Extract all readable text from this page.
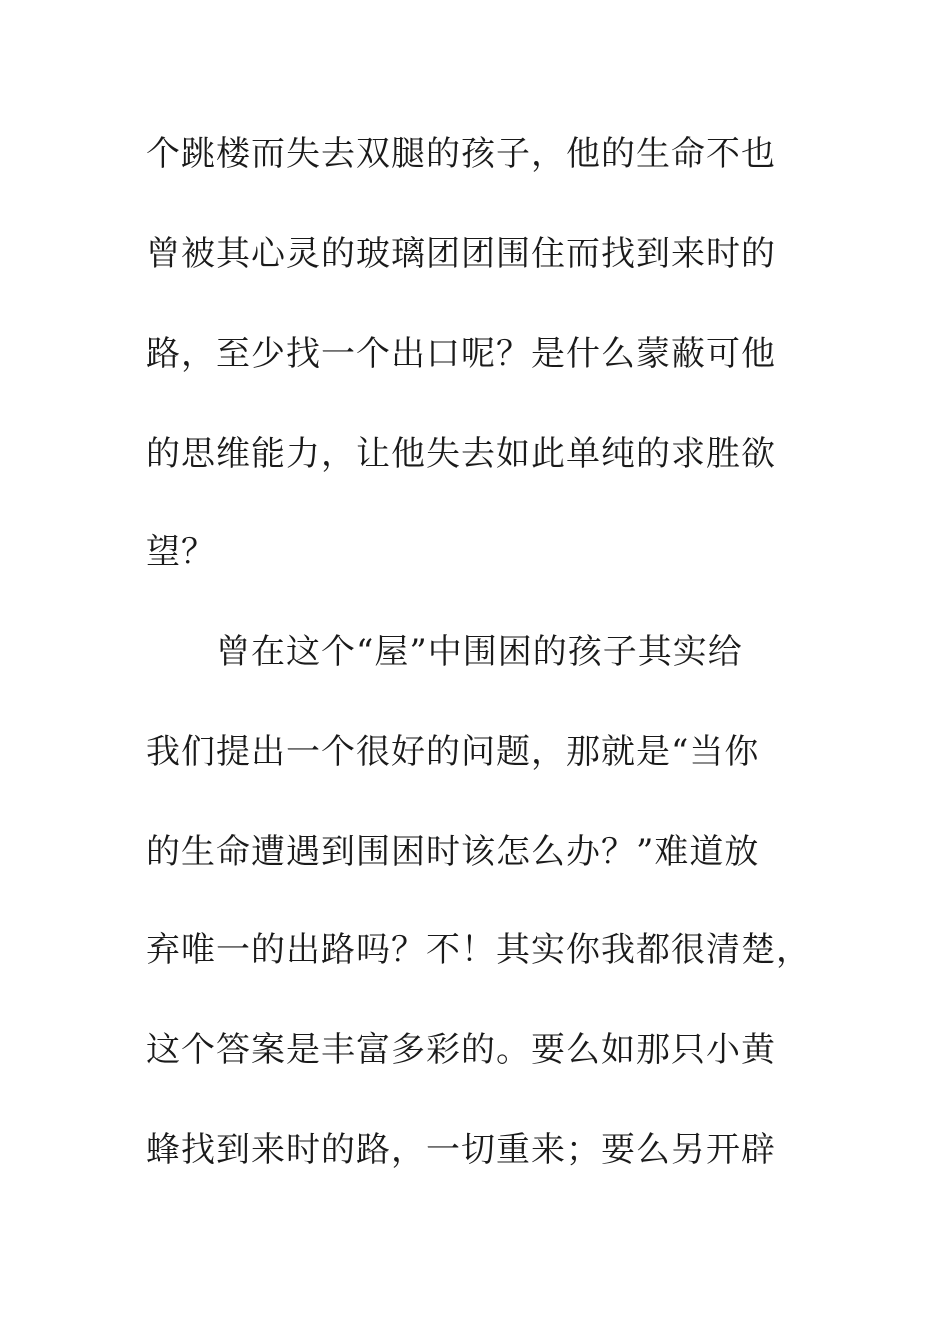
个跳楼而失去双腿的孩子，他的生命不也
曾被其心灵的玻璃团团围住而找到来时的
路，至少找一个出口呢？是什么蒙蔽可他
的思维能力，让他失去如此单纯的求胜欲
望？
曾在这个“屋”中围困的孩子其实给
我们提出一个很好的问题，那就是“当你
的生命遭遇到围困时该怎么办？”难道放
弃唯一的出路吗？不！其实你我都很清楚，
这个答案是丰富多彩的。要么如那只小黄
蜂找到来时的路，一切重来；要么另开辟
